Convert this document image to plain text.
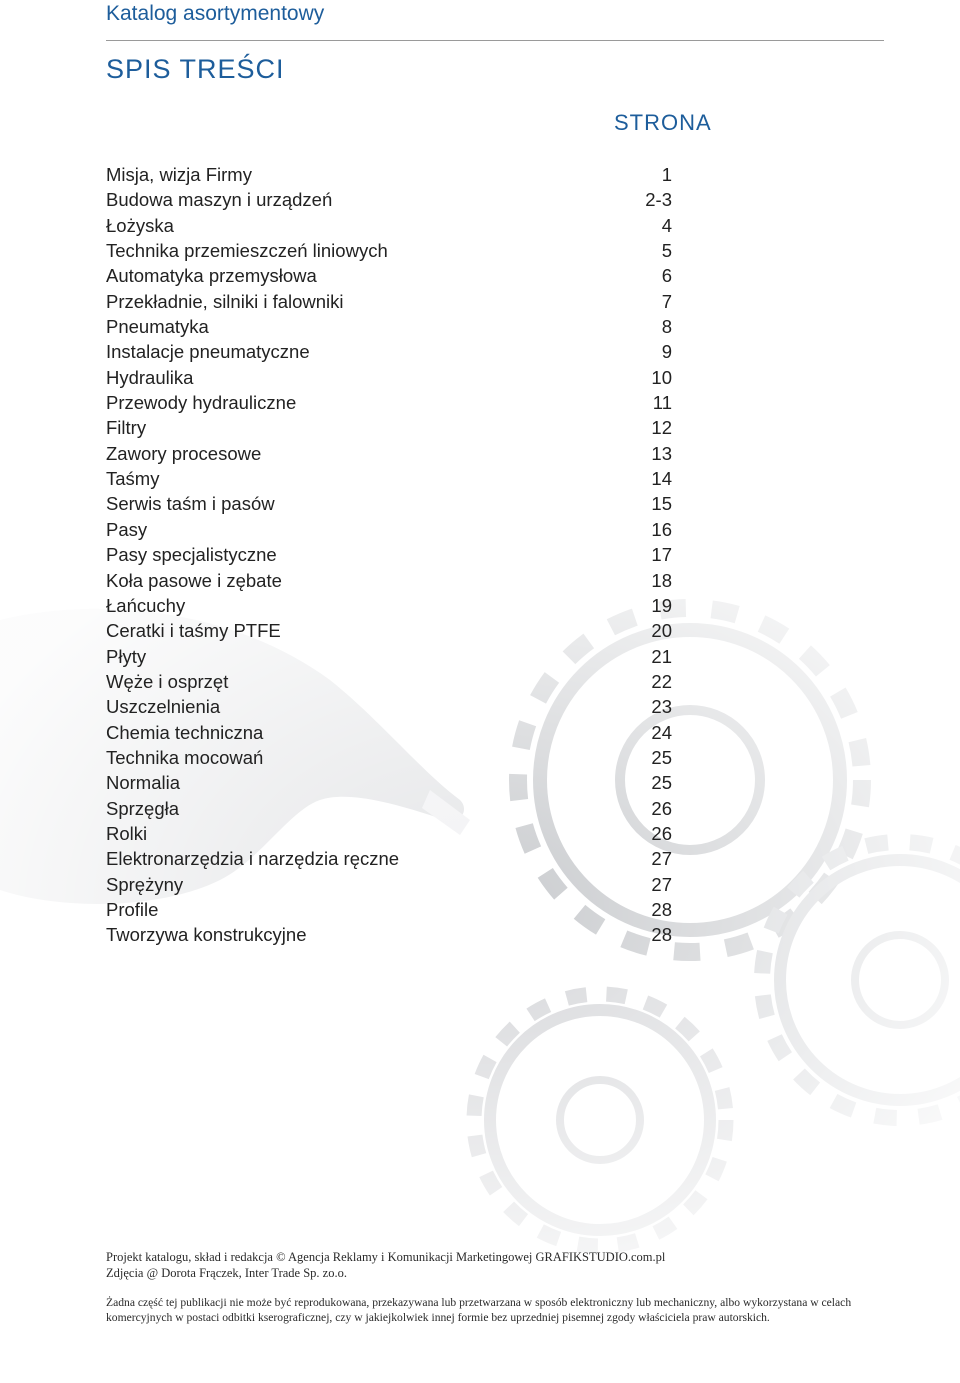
Katalog asortymentowy
SPIS TREŚCI
STRONA
Misja, wizja Firmy	1
Budowa maszyn i urządzeń	2-3
Łożyska	4
Technika przemieszczeń liniowych	5
Automatyka przemysłowa	6
Przekładnie, silniki i falowniki	7
Pneumatyka	8
Instalacje pneumatyczne	9
Hydraulika	10
Przewody hydrauliczne	11
Filtry	12
Zawory procesowe	13
Taśmy	14
Serwis taśm i pasów	15
Pasy	16
Pasy specjalistyczne	17
Koła pasowe i zębate	18
Łańcuchy	19
Ceratki i taśmy PTFE	20
Płyty	21
Węże i osprzęt	22
Uszczelnienia	23
Chemia techniczna	24
Technika mocowań	25
Normalia	25
Sprzęgła	26
Rolki	26
Elektronarzędzia i narzędzia ręczne	27
Sprężyny	27
Profile	28
Tworzywa konstrukcyjne	28
Projekt katalogu, skład i redakcja © Agencja Reklamy i Komunikacji Marketingowej GRAFIKSTUDIO.com.pl
Zdjęcia @ Dorota Frączek, Inter Trade Sp. zo.o.
Żadna część tej publikacji nie może być reprodukowana, przekazywana lub przetwarzana w sposób elektroniczny lub mechaniczny, albo wykorzystana w celach komercyjnych w postaci odbitki kserograficznej, czy w jakiejkolwiek innej formie bez uprzedniej pisemnej zgody właściciela praw autorskich.
